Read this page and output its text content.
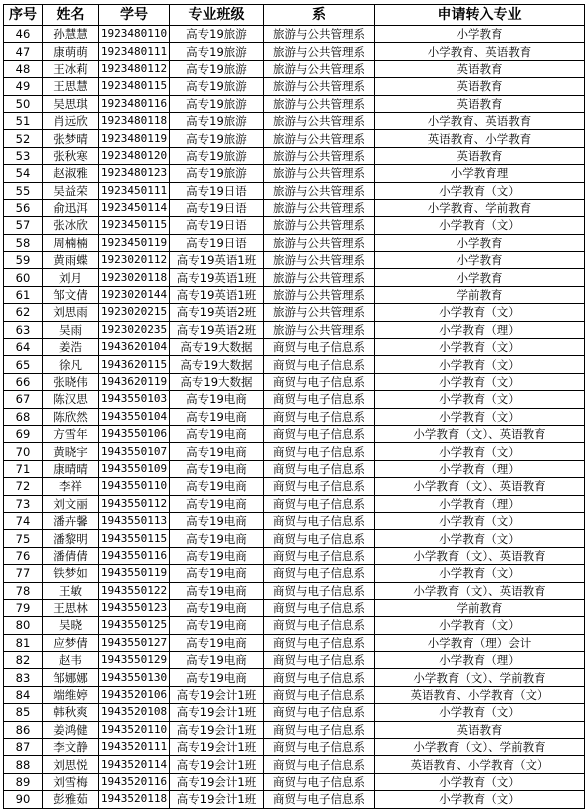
序号	姓名	学号	专业班级	系	申请转入专业
46	孙慧慧	1923480110	高专19旅游	旅游与公共管理系	小学教育
47	康萌萌	1923480111	高专19旅游	旅游与公共管理系	小学教育、英语教育
48	王冰莉	1923480112	高专19旅游	旅游与公共管理系	英语教育
49	王思慧	1923480115	高专19旅游	旅游与公共管理系	英语教育
50	吴思琪	1923480116	高专19旅游	旅游与公共管理系	英语教育
51	肖远欣	1923480118	高专19旅游	旅游与公共管理系	小学教育、英语教育
52	张梦晴	1923480119	高专19旅游	旅游与公共管理系	英语教育、小学教育
53	张秋寒	1923480120	高专19旅游	旅游与公共管理系	英语教育
54	赵淑雅	1923480123	高专19旅游	旅游与公共管理系	小学教育理
55	吴益荣	1923450111	高专19日语	旅游与公共管理系	小学教育（文）
56	俞迅洱	1923450114	高专19日语	旅游与公共管理系	小学教育、学前教育
57	张冰欣	1923450115	高专19日语	旅游与公共管理系	小学教育（文）
58	周楠楠	1923450119	高专19日语	旅游与公共管理系	小学教育
59	黄雨蝶	1923020112	高专19英语1班	旅游与公共管理系	小学教育
60	刘月	1923020118	高专19英语1班	旅游与公共管理系	小学教育
61	邹文倩	1923020144	高专19英语1班	旅游与公共管理系	学前教育
62	刘思雨	1923020215	高专19英语2班	旅游与公共管理系	小学教育（文）
63	吴雨	1923020235	高专19英语2班	旅游与公共管理系	小学教育（理）
64	姜浩	1943620104	高专19大数据	商贸与电子信息系	小学教育（文）
65	徐凡	1943620115	高专19大数据	商贸与电子信息系	小学教育（文）
66	张晓伟	1943620119	高专19大数据	商贸与电子信息系	小学教育（文）
67	陈汉思	1943550103	高专19电商	商贸与电子信息系	小学教育（文）
68	陈欣然	1943550104	高专19电商	商贸与电子信息系	小学教育（文）
69	方雪年	1943550106	高专19电商	商贸与电子信息系	小学教育（文）、英语教育
70	黄晓宇	1943550107	高专19电商	商贸与电子信息系	小学教育（文）
71	康晴晴	1943550109	高专19电商	商贸与电子信息系	小学教育（理）
72	李祥	1943550110	高专19电商	商贸与电子信息系	小学教育（文）、英语教育
73	刘文丽	1943550112	高专19电商	商贸与电子信息系	小学教育（理）
74	潘卉馨	1943550113	高专19电商	商贸与电子信息系	小学教育（文）
75	潘黎明	1943550115	高专19电商	商贸与电子信息系	小学教育（文）
76	潘倩倩	1943550116	高专19电商	商贸与电子信息系	小学教育（文）、英语教育
77	铁梦如	1943550119	高专19电商	商贸与电子信息系	小学教育（文）
78	王敏	1943550122	高专19电商	商贸与电子信息系	小学教育（文）、英语教育
79	王思林	1943550123	高专19电商	商贸与电子信息系	学前教育
80	吴晓	1943550125	高专19电商	商贸与电子信息系	小学教育（文）
81	应梦倩	1943550127	高专19电商	商贸与电子信息系	小学教育（理）会计
82	赵韦	1943550129	高专19电商	商贸与电子信息系	小学教育（理）
83	邹娜娜	1943550130	高专19电商	商贸与电子信息系	小学教育（文）、学前教育
84	端维婷	1943520106	高专19会计1班	商贸与电子信息系	英语教育、小学教育（文）
85	韩秋爽	1943520108	高专19会计1班	商贸与电子信息系	小学教育（文）
86	姜鸿健	1943520110	高专19会计1班	商贸与电子信息系	英语教育
87	李文静	1943520111	高专19会计1班	商贸与电子信息系	小学教育（文）、学前教育
88	刘思悦	1943520114	高专19会计1班	商贸与电子信息系	英语教育、小学教育（文）
89	刘雪梅	1943520116	高专19会计1班	商贸与电子信息系	小学教育（文）
90	彭雅茹	1943520118	高专19会计1班	商贸与电子信息系	小学教育（文）
